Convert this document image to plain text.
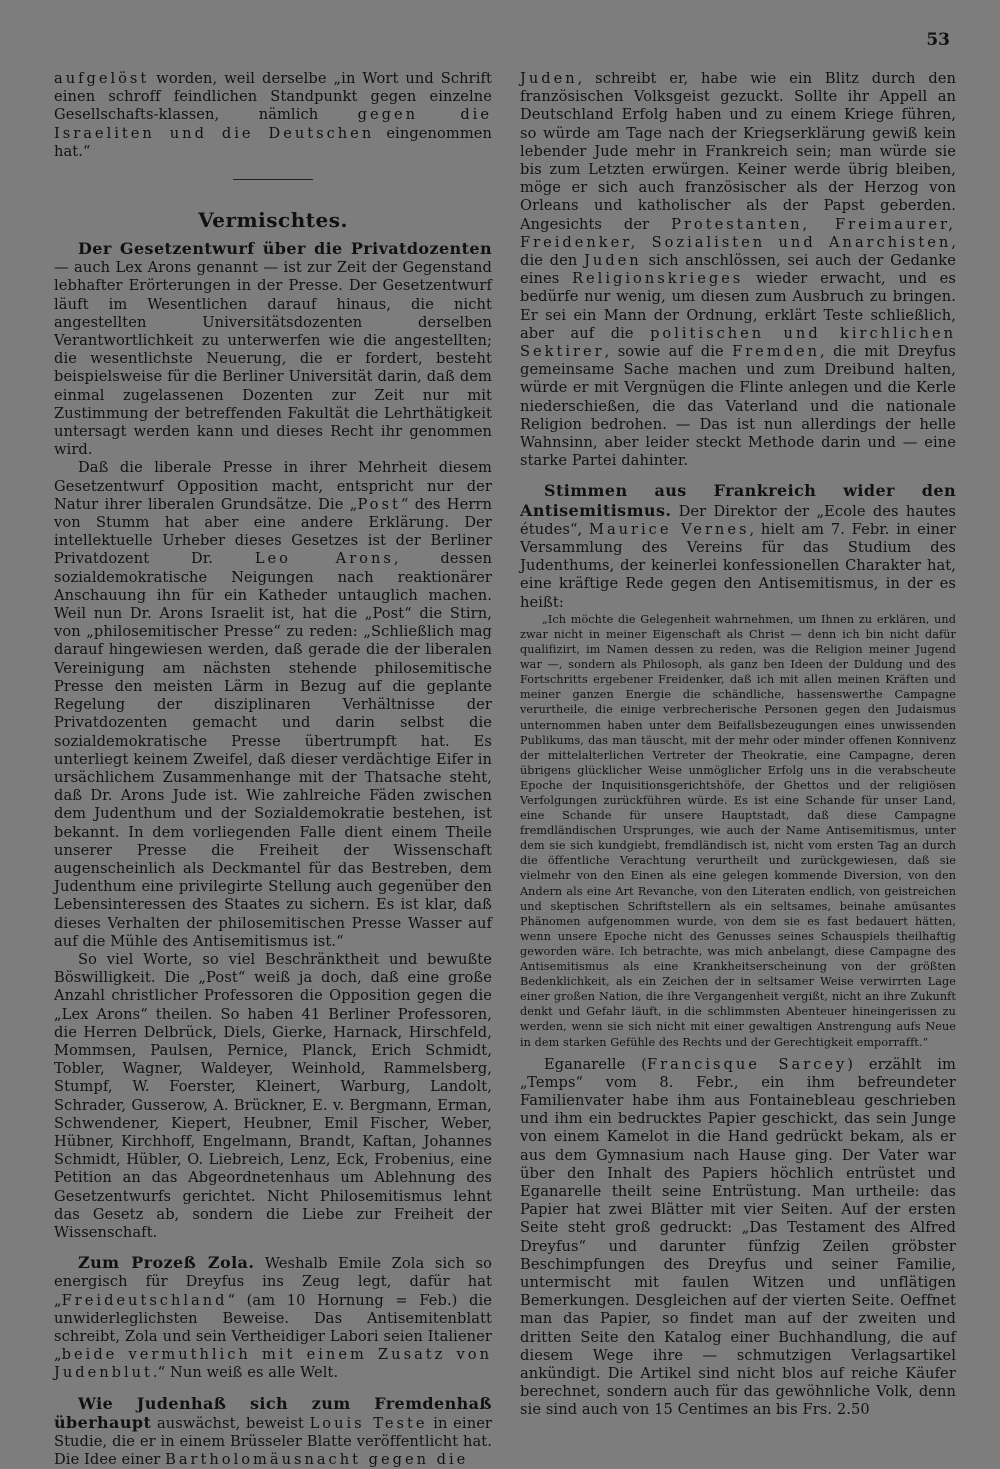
53

aufgelöst worden, weil derselbe „in Wort und Schrift einen schroff feindlichen Standpunkt gegen einzelne Gesellschafts-klassen, nämlich gegen die Israeliten und die Deutschen eingenommen hat.“

Vermischtes.

Der Gesetzentwurf über die Privatdozenten — auch Lex Arons genannt — ist zur Zeit der Gegenstand lebhafter Erörterungen in der Presse. Der Gesetzentwurf läuft im Wesentlichen darauf hinaus, die nicht angestellten Universitätsdozenten derselben Verantwortlichkeit zu unterwerfen wie die angestellten; die wesentlichste Neuerung, die er fordert, besteht beispielsweise für die Berliner Universität darin, daß dem einmal zugelassenen Dozenten zur Zeit nur mit Zustimmung der betreffenden Fakultät die Lehrthätigkeit untersagt werden kann und dieses Recht ihr genommen wird.

Daß die liberale Presse in ihrer Mehrheit diesem Gesetzentwurf Opposition macht, entspricht nur der Natur ihrer liberalen Grundsätze. Die „Post“ des Herrn von Stumm hat aber eine andere Erklärung. Der intellektuelle Urheber dieses Gesetzes ist der Berliner Privatdozent Dr. Leo Arons, dessen sozialdemokratische Neigungen nach reaktionärer Anschauung ihn für ein Katheder untauglich machen. Weil nun Dr. Arons Israelit ist, hat die „Post“ die Stirn, von „philosemitischer Presse“ zu reden: „Schließlich mag darauf hingewiesen werden, daß gerade die der liberalen Vereinigung am nächsten stehende philosemitische Presse den meisten Lärm in Bezug auf die geplante Regelung der disziplinaren Verhältnisse der Privatdozenten gemacht und darin selbst die sozialdemokratische Presse übertrumpft hat. Es unterliegt keinem Zweifel, daß dieser verdächtige Eifer in ursächlichem Zusammenhange mit der Thatsache steht, daß Dr. Arons Jude ist. Wie zahlreiche Fäden zwischen dem Judenthum und der Sozialdemokratie bestehen, ist bekannt. In dem vorliegenden Falle dient einem Theile unserer Presse die Freiheit der Wissenschaft augenscheinlich als Deckmantel für das Bestreben, dem Judenthum eine privilegirte Stellung auch gegenüber den Lebensinteressen des Staates zu sichern. Es ist klar, daß dieses Verhalten der philosemitischen Presse Wasser auf auf die Mühle des Antisemitismus ist.“

So viel Worte, so viel Beschränktheit und bewußte Böswilligkeit. Die „Post“ weiß ja doch, daß eine große Anzahl christlicher Professoren die Opposition gegen die „Lex Arons“ theilen. So haben 41 Berliner Professoren, die Herren Delbrück, Diels, Gierke, Harnack, Hirschfeld, Mommsen, Paulsen, Pernice, Planck, Erich Schmidt, Tobler, Wagner, Waldeyer, Weinhold, Rammelsberg, Stumpf, W. Foerster, Kleinert, Warburg, Landolt, Schrader, Gusserow, A. Brückner, E. v. Bergmann, Erman, Schwendener, Kiepert, Heubner, Emil Fischer, Weber, Hübner, Kirchhoff, Engelmann, Brandt, Kaftan, Johannes Schmidt, Hübler, O. Liebreich, Lenz, Eck, Frobenius, eine Petition an das Abgeordnetenhaus um Ablehnung des Gesetzentwurfs gerichtet. Nicht Philosemitismus lehnt das Gesetz ab, sondern die Liebe zur Freiheit der Wissenschaft.

Zum Prozeß Zola. Weshalb Emile Zola sich so energisch für Dreyfus ins Zeug legt, dafür hat „Freideutschland“ (am 10 Hornung = Feb.) die unwiderleglichsten Beweise. Das Antisemitenblatt schreibt, Zola und sein Vertheidiger Labori seien Italiener „beide vermuthlich mit einem Zusatz von Judenblut.“ Nun weiß es alle Welt.

Wie Judenhaß sich zum Fremdenhaß überhaupt auswächst, beweist Louis Teste in einer Studie, die er in einem Brüsseler Blatte veröffentlicht hat. Die Idee einer Bartholomäusnacht gegen die

Juden, schreibt er, habe wie ein Blitz durch den französischen Volksgeist gezuckt. Sollte ihr Appell an Deutschland Erfolg haben und zu einem Kriege führen, so würde am Tage nach der Kriegserklärung gewiß kein lebender Jude mehr in Frankreich sein; man würde sie bis zum Letzten erwürgen. Keiner werde übrig bleiben, möge er sich auch französischer als der Herzog von Orleans und katholischer als der Papst geberden. Angesichts der Protestanten, Freimaurer, Freidenker, Sozialisten und Anarchisten, die den Juden sich anschlössen, sei auch der Gedanke eines Religionskrieges wieder erwacht, und es bedürfe nur wenig, um diesen zum Ausbruch zu bringen. Er sei ein Mann der Ordnung, erklärt Teste schließlich, aber auf die politischen und kirchlichen Sektirer, sowie auf die Fremden, die mit Dreyfus gemeinsame Sache machen und zum Dreibund halten, würde er mit Vergnügen die Flinte anlegen und die Kerle niederschießen, die das Vaterland und die nationale Religion bedrohen. — Das ist nun allerdings der helle Wahnsinn, aber leider steckt Methode darin und — eine starke Partei dahinter.

Stimmen aus Frankreich wider den Antisemitismus. Der Direktor der „Ecole des hautes études“, Maurice Vernes, hielt am 7. Febr. in einer Versammlung des Vereins für das Studium des Judenthums, der keinerlei konfessionellen Charakter hat, eine kräftige Rede gegen den Antisemitismus, in der es heißt:

„Ich möchte die Gelegenheit wahrnehmen, um Ihnen zu erklären, und zwar nicht in meiner Eigenschaft als Christ — denn ich bin nicht dafür qualifizirt, im Namen dessen zu reden, was die Religion meiner Jugend war —, sondern als Philosoph, als ganz ben Ideen der Duldung und des Fortschritts ergebener Freidenker, daß ich mit allen meinen Kräften und meiner ganzen Energie die schändliche, hassenswerthe Campagne verurtheile, die einige verbrecherische Personen gegen den Judaismus unternommen haben unter dem Beifallsbezeugungen eines unwissenden Publikums, das man täuscht, mit der mehr oder minder offenen Konnivenz der mittelalterlichen Vertreter der Theokratie, eine Campagne, deren übrigens glücklicher Weise unmöglicher Erfolg uns in die verabscheute Epoche der Inquisitionsgerichtshöfe, der Ghettos und der religiösen Verfolgungen zurückführen würde. Es ist eine Schande für unser Land, eine Schande für unsere Hauptstadt, daß diese Campagne fremdländischen Ursprunges, wie auch der Name Antisemitismus, unter dem sie sich kundgiebt, fremdländisch ist, nicht vom ersten Tag an durch die öffentliche Verachtung verurtheilt und zurückgewiesen, daß sie vielmehr von den Einen als eine gelegen kommende Diversion, von den Andern als eine Art Revanche, von den Literaten endlich, von geistreichen und skeptischen Schriftstellern als ein seltsames, beinahe amüsantes Phänomen aufgenommen wurde, von dem sie es fast bedauert hätten, wenn unsere Epoche nicht des Genusses seines Schauspiels theilhaftig geworden wäre. Ich betrachte, was mich anbelangt, diese Campagne des Antisemitismus als eine Krankheitserscheinung von der größten Bedenklichkeit, als ein Zeichen der in seltsamer Weise verwirrten Lage einer großen Nation, die ihre Vergangenheit vergißt, nicht an ihre Zukunft denkt und Gefahr läuft, in die schlimmsten Abenteuer hineingerissen zu werden, wenn sie sich nicht mit einer gewaltigen Anstrengung aufs Neue in dem starken Gefühle des Rechts und der Gerechtigkeit emporrafft.“

Eganarelle (Francisque Sarcey) erzählt im „Temps“ vom 8. Febr., ein ihm befreundeter Familienvater habe ihm aus Fontainebleau geschrieben und ihm ein bedrucktes Papier geschickt, das sein Junge von einem Kamelot in die Hand gedrückt bekam, als er aus dem Gymnasium nach Hause ging. Der Vater war über den Inhalt des Papiers höchlich entrüstet und Eganarelle theilt seine Entrüstung. Man urtheile: das Papier hat zwei Blätter mit vier Seiten. Auf der ersten Seite steht groß gedruckt: „Das Testament des Alfred Dreyfus“ und darunter fünfzig Zeilen gröbster Beschimpfungen des Dreyfus und seiner Familie, untermischt mit faulen Witzen und unflätigen Bemerkungen. Desgleichen auf der vierten Seite. Oeffnet man das Papier, so findet man auf der zweiten und dritten Seite den Katalog einer Buchhandlung, die auf diesem Wege ihre — schmutzigen Verlagsartikel ankündigt. Die Artikel sind nicht blos auf reiche Käufer berechnet, sondern auch für das gewöhnliche Volk, denn sie sind auch von 15 Centimes an bis Frs. 2.50
